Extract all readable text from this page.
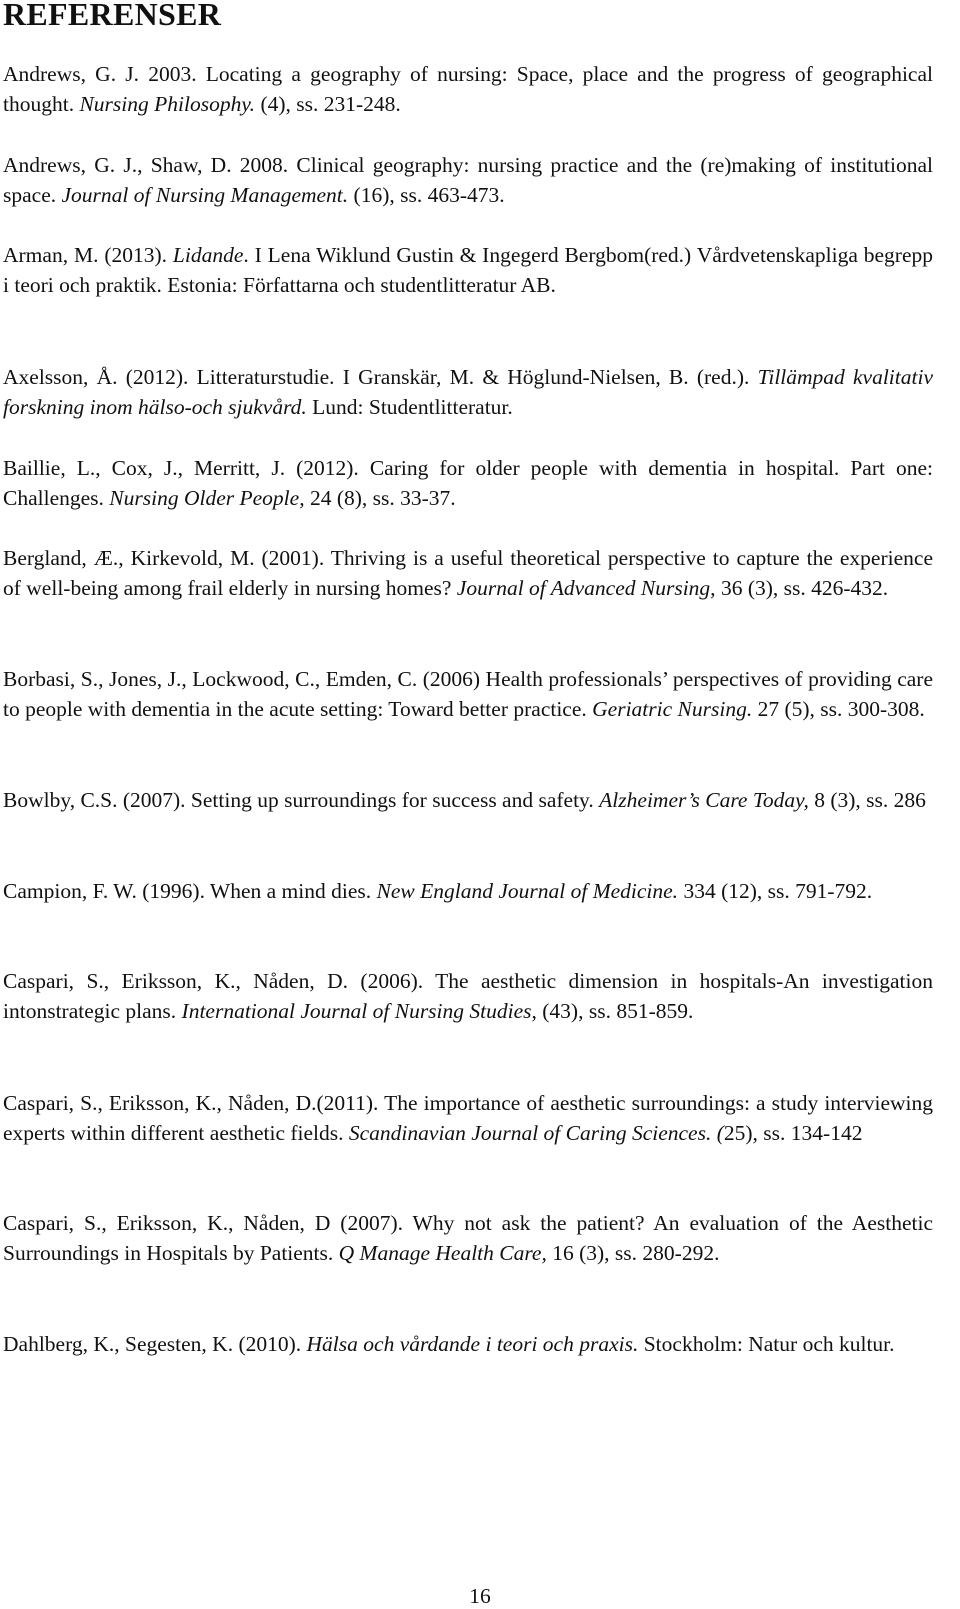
REFERENSER

Andrews, G. J. 2003. Locating a geography of nursing: Space, place and the progress of geographical thought. Nursing Philosophy. (4), ss. 231-248.

Andrews, G. J., Shaw, D. 2008. Clinical geography: nursing practice and the (re)making of institutional space. Journal of Nursing Management. (16), ss. 463-473.

Arman, M. (2013). Lidande. I Lena Wiklund Gustin & Ingegerd Bergbom(red.) Vårdvetenskapliga begrepp i teori och praktik. Estonia: Författarna och studentlitteratur AB.

Axelsson, Å. (2012). Litteraturstudie. I Granskär, M. & Höglund-Nielsen, B. (red.). Tillämpad kvalitativ forskning inom hälso-och sjukvård. Lund: Studentlitteratur.

Baillie, L., Cox, J., Merritt, J. (2012). Caring for older people with dementia in hospital. Part one: Challenges. Nursing Older People, 24 (8), ss. 33-37.

Bergland, Æ., Kirkevold, M. (2001). Thriving is a useful theoretical perspective to capture the experience of well-being among frail elderly in nursing homes? Journal of Advanced Nursing, 36 (3), ss. 426-432.

Borbasi, S., Jones, J., Lockwood, C., Emden, C. (2006) Health professionals’ perspectives of providing care to people with dementia in the acute setting: Toward better practice. Geriatric Nursing. 27 (5), ss. 300-308.

Bowlby, C.S. (2007). Setting up surroundings for success and safety. Alzheimer’s Care Today, 8 (3), ss. 286

Campion, F. W. (1996). When a mind dies. New England Journal of Medicine. 334 (12), ss. 791-792.

Caspari, S., Eriksson, K., Nåden, D. (2006). The aesthetic dimension in hospitals-An investigation intonstrategic plans. International Journal of Nursing Studies, (43), ss. 851-859.

Caspari, S., Eriksson, K., Nåden, D.(2011). The importance of aesthetic surroundings: a study interviewing experts within different aesthetic fields. Scandinavian Journal of Caring Sciences. (25), ss. 134-142

Caspari, S., Eriksson, K., Nåden, D (2007). Why not ask the patient? An evaluation of the Aesthetic Surroundings in Hospitals by Patients. Q Manage Health Care, 16 (3), ss. 280-292.

Dahlberg, K., Segesten, K. (2010). Hälsa och vårdande i teori och praxis. Stockholm: Natur och kultur.

16
